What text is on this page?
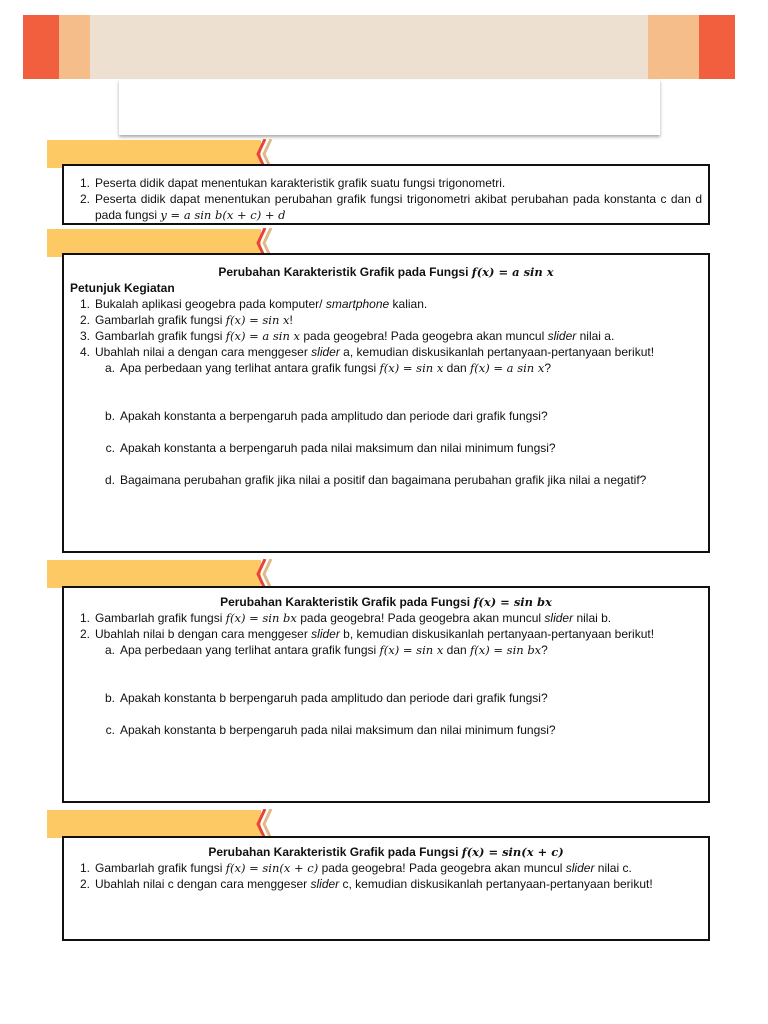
1. Peserta didik dapat menentukan karakteristik grafik suatu fungsi trigonometri.
2. Peserta didik dapat menentukan perubahan grafik fungsi trigonometri akibat perubahan pada konstanta c dan d pada fungsi y = a sin b(x + c) + d
Perubahan Karakteristik Grafik pada Fungsi f(x) = a sin x
Petunjuk Kegiatan
1. Bukalah aplikasi geogebra pada komputer/ smartphone kalian.
2. Gambarlah grafik fungsi f(x) = sin x!
3. Gambarlah grafik fungsi f(x) = a sin x pada geogebra! Pada geogebra akan muncul slider nilai a.
4. Ubahlah nilai a dengan cara menggeser slider a, kemudian diskusikanlah pertanyaan-pertanyaan berikut!
a. Apa perbedaan yang terlihat antara grafik fungsi f(x) = sin x dan f(x) = a sin x?
b. Apakah konstanta a berpengaruh pada amplitudo dan periode dari grafik fungsi?
c. Apakah konstanta a berpengaruh pada nilai maksimum dan nilai minimum fungsi?
d. Bagaimana perubahan grafik jika nilai a positif dan bagaimana perubahan grafik jika nilai a negatif?
Perubahan Karakteristik Grafik pada Fungsi f(x) = sin bx
1. Gambarlah grafik fungsi f(x) = sin bx pada geogebra! Pada geogebra akan muncul slider nilai b.
2. Ubahlah nilai b dengan cara menggeser slider b, kemudian diskusikanlah pertanyaan-pertanyaan berikut!
a. Apa perbedaan yang terlihat antara grafik fungsi f(x) = sin x dan f(x) = sin bx?
b. Apakah konstanta b berpengaruh pada amplitudo dan periode dari grafik fungsi?
c. Apakah konstanta b berpengaruh pada nilai maksimum dan nilai minimum fungsi?
Perubahan Karakteristik Grafik pada Fungsi f(x) = sin(x + c)
1. Gambarlah grafik fungsi f(x) = sin(x + c) pada geogebra! Pada geogebra akan muncul slider nilai c.
2. Ubahlah nilai c dengan cara menggeser slider c, kemudian diskusikanlah pertanyaan-pertanyaan berikut!
